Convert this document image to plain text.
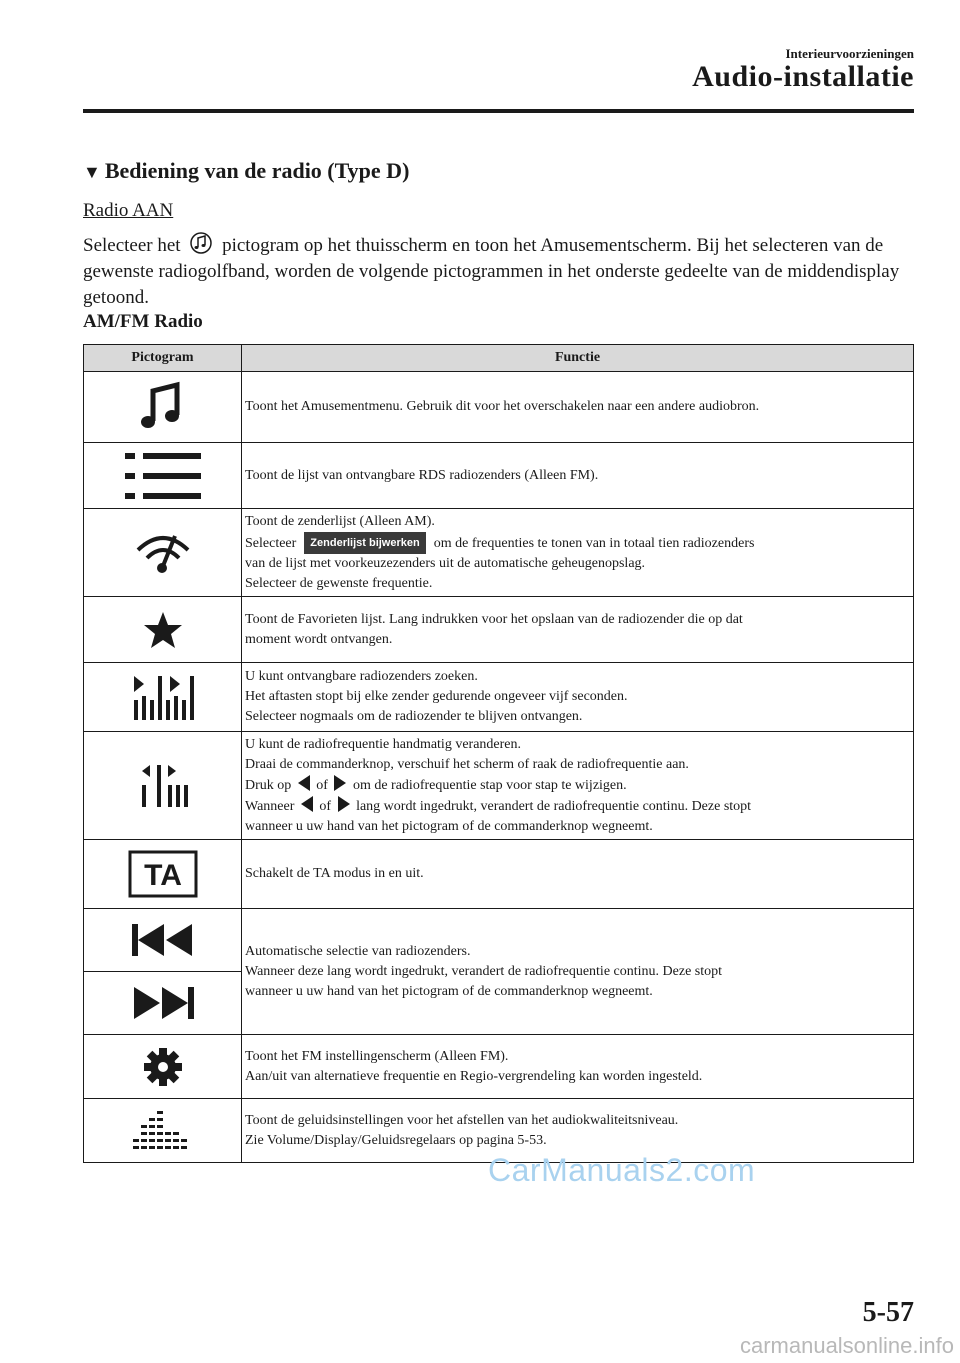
Interieurvoorzieningen
Audio-installatie
▼ Bediening van de radio (Type D)
Radio AAN
Selecteer het pictogram op het thuisscherm en toon het Amusementscherm. Bij het selecteren van de gewenste radiogolfband, worden de volgende pictogrammen in het onderste gedeelte van de middendisplay getoond.
AM/FM Radio
Pictogram	Functie

	Toont het Amusementmenu. Gebruik dit voor het overschakelen naar een andere audiobron.

	Toont de lijst van ontvangbare RDS radiozenders (Alleen FM).

	Toont de zenderlijst (Alleen AM).
Selecteer Zenderlijst bijwerken om de frequenties te tonen van in totaal tien radiozenders
van de lijst met voorkeuzezenders uit de automatische geheugenopslag.
Selecteer de gewenste frequentie.

	Toont de Favorieten lijst. Lang indrukken voor het opslaan van de radiozender die op dat
moment wordt ontvangen.

	U kunt ontvangbare radiozenders zoeken.
Het aftasten stopt bij elke zender gedurende ongeveer vijf seconden.
Selecteer nogmaals om de radiozender te blijven ontvangen.

	U kunt de radiofrequentie handmatig veranderen.
Draai de commanderknop, verschuif het scherm of raak de radiofrequentie aan.
Druk op of om de radiofrequentie stap voor stap te wijzigen.
Wanneer of lang wordt ingedrukt, verandert de radiofrequentie continu. Deze stopt
wanneer u uw hand van het pictogram of de commanderknop wegneemt.

TA	Schakelt de TA modus in en uit.

	Automatische selectie van radiozenders.
Wanneer deze lang wordt ingedrukt, verandert de radiofrequentie continu. Deze stopt
wanneer u uw hand van het pictogram of de commanderknop wegneemt.

	Toont het FM instellingenscherm (Alleen FM).
Aan/uit van alternatieve frequentie en Regio-vergrendeling kan worden ingesteld.

	Toont de geluidsinstellingen voor het afstellen van het audiokwaliteitsniveau.
Zie Volume/Display/Geluidsregelaars op pagina 5-53.
CarManuals2.com
5-57
carmanualsonline.info
